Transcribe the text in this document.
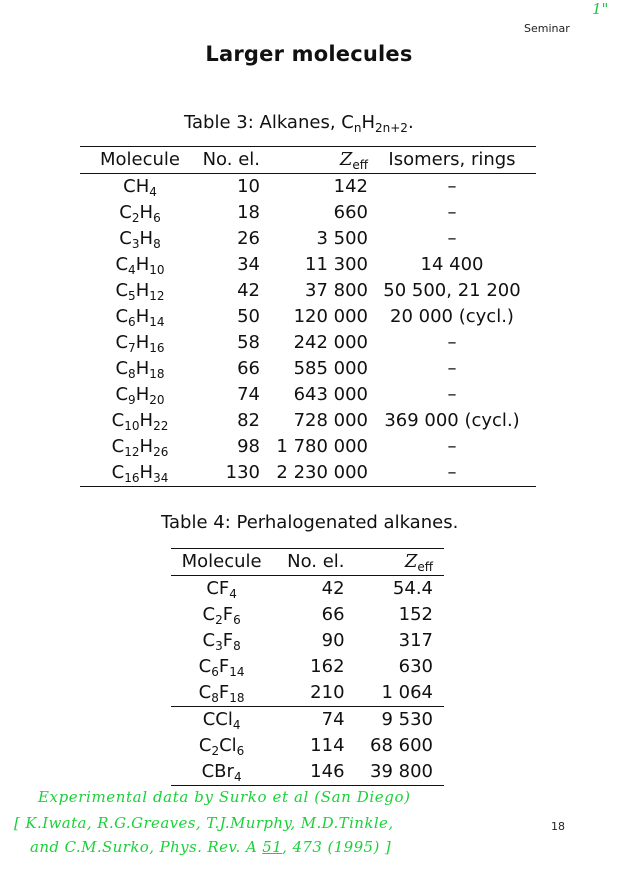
Seminar
1"
Larger molecules
Table 3: Alkanes, $C_nH_{2n+2}$.
Molecule	No. el.	$Z_{eff}$	Isomers, rings
$CH_4$	10	142	–
$C_2H_6$	18	660	–
$C_3H_8$	26	3 500	–
$C_4H_{10}$	34	11 300	14 400
$C_5H_{12}$	42	37 800	50 500, 21 200
$C_6H_{14}$	50	120 000	20 000 (cycl.)
$C_7H_{16}$	58	242 000	–
$C_8H_{18}$	66	585 000	–
$C_9H_{20}$	74	643 000	–
$C_{10}H_{22}$	82	728 000	369 000 (cycl.)
$C_{12}H_{26}$	98	1 780 000	–
$C_{16}H_{34}$	130	2 230 000	–
Table 4: Perhalogenated alkanes.
Molecule	No. el.	$Z_{eff}$
$CF_4$	42	54.4
$C_2F_6$	66	152
$C_3F_8$	90	317
$C_6F_{14}$	162	630
$C_8F_{18}$	210	1 064
CCl$_4$	74	9 530
$C_2Cl_6$	114	68 600
CBr$_4$	146	39 800
Experimental data by Surko et al (San Diego)
[ K.Iwata, R.G.Greaves, T.J.Murphy, M.D.Tinkle,
and C.M.Surko, Phys. Rev. A 51, 473 (1995) ]
18
